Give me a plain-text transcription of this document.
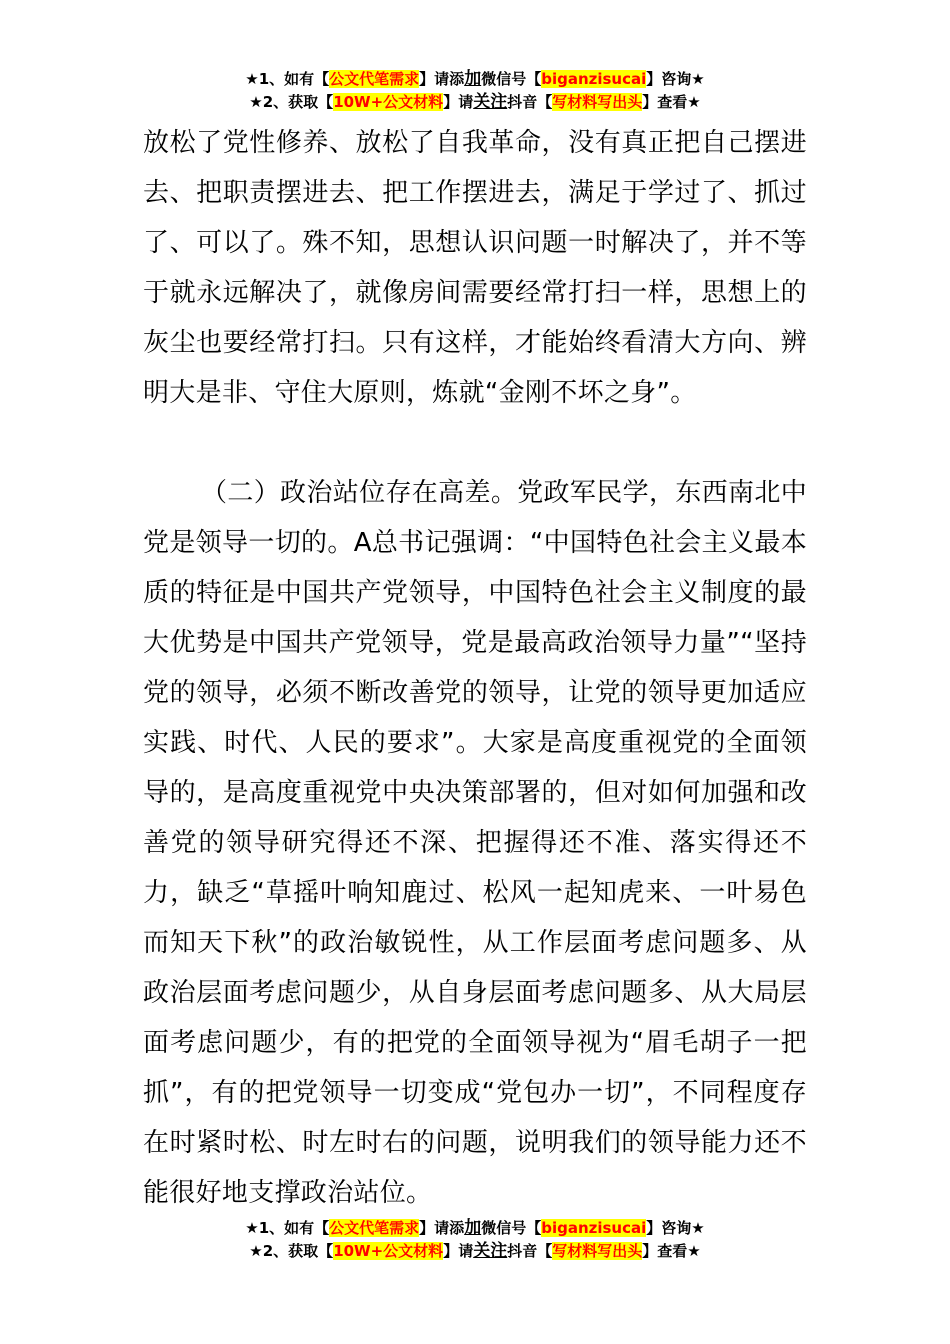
★1、如有【公文代笔需求】请添加微信号【biganzisucai】咨询★
★2、获取【10W+公文材料】请关注抖音【写材料写出头】查看★

放松了党性修养、放松了自我革命，没有真正把自己摆进去、把职责摆进去、把工作摆进去，满足于学过了、抓过了、可以了。殊不知，思想认识问题一时解决了，并不等于就永远解决了，就像房间需要经常打扫一样，思想上的灰尘也要经常打扫。只有这样，才能始终看清大方向、辨明大是非、守住大原则，炼就“金刚不坏之身”。

（二）政治站位存在高差。党政军民学，东西南北中党是领导一切的。A总书记强调：“中国特色社会主义最本质的特征是中国共产党领导，中国特色社会主义制度的最大优势是中国共产党领导，党是最高政治领导力量”“坚持党的领导，必须不断改善党的领导，让党的领导更加适应实践、时代、人民的要求”。大家是高度重视党的全面领导的，是高度重视党中央决策部署的，但对如何加强和改善党的领导研究得还不深、把握得还不准、落实得还不力，缺乏“草摇叶响知鹿过、松风一起知虎来、一叶易色而知天下秋”的政治敏锐性，从工作层面考虑问题多、从政治层面考虑问题少，从自身层面考虑问题多、从大局层面考虑问题少，有的把党的全面领导视为“眉毛胡子一把抓”，有的把党领导一切变成“党包办一切”，不同程度存在时紧时松、时左时右的问题，说明我们的领导能力还不能很好地支撑政治站位。

★1、如有【公文代笔需求】请添加微信号【biganzisucai】咨询★
★2、获取【10W+公文材料】请关注抖音【写材料写出头】查看★
